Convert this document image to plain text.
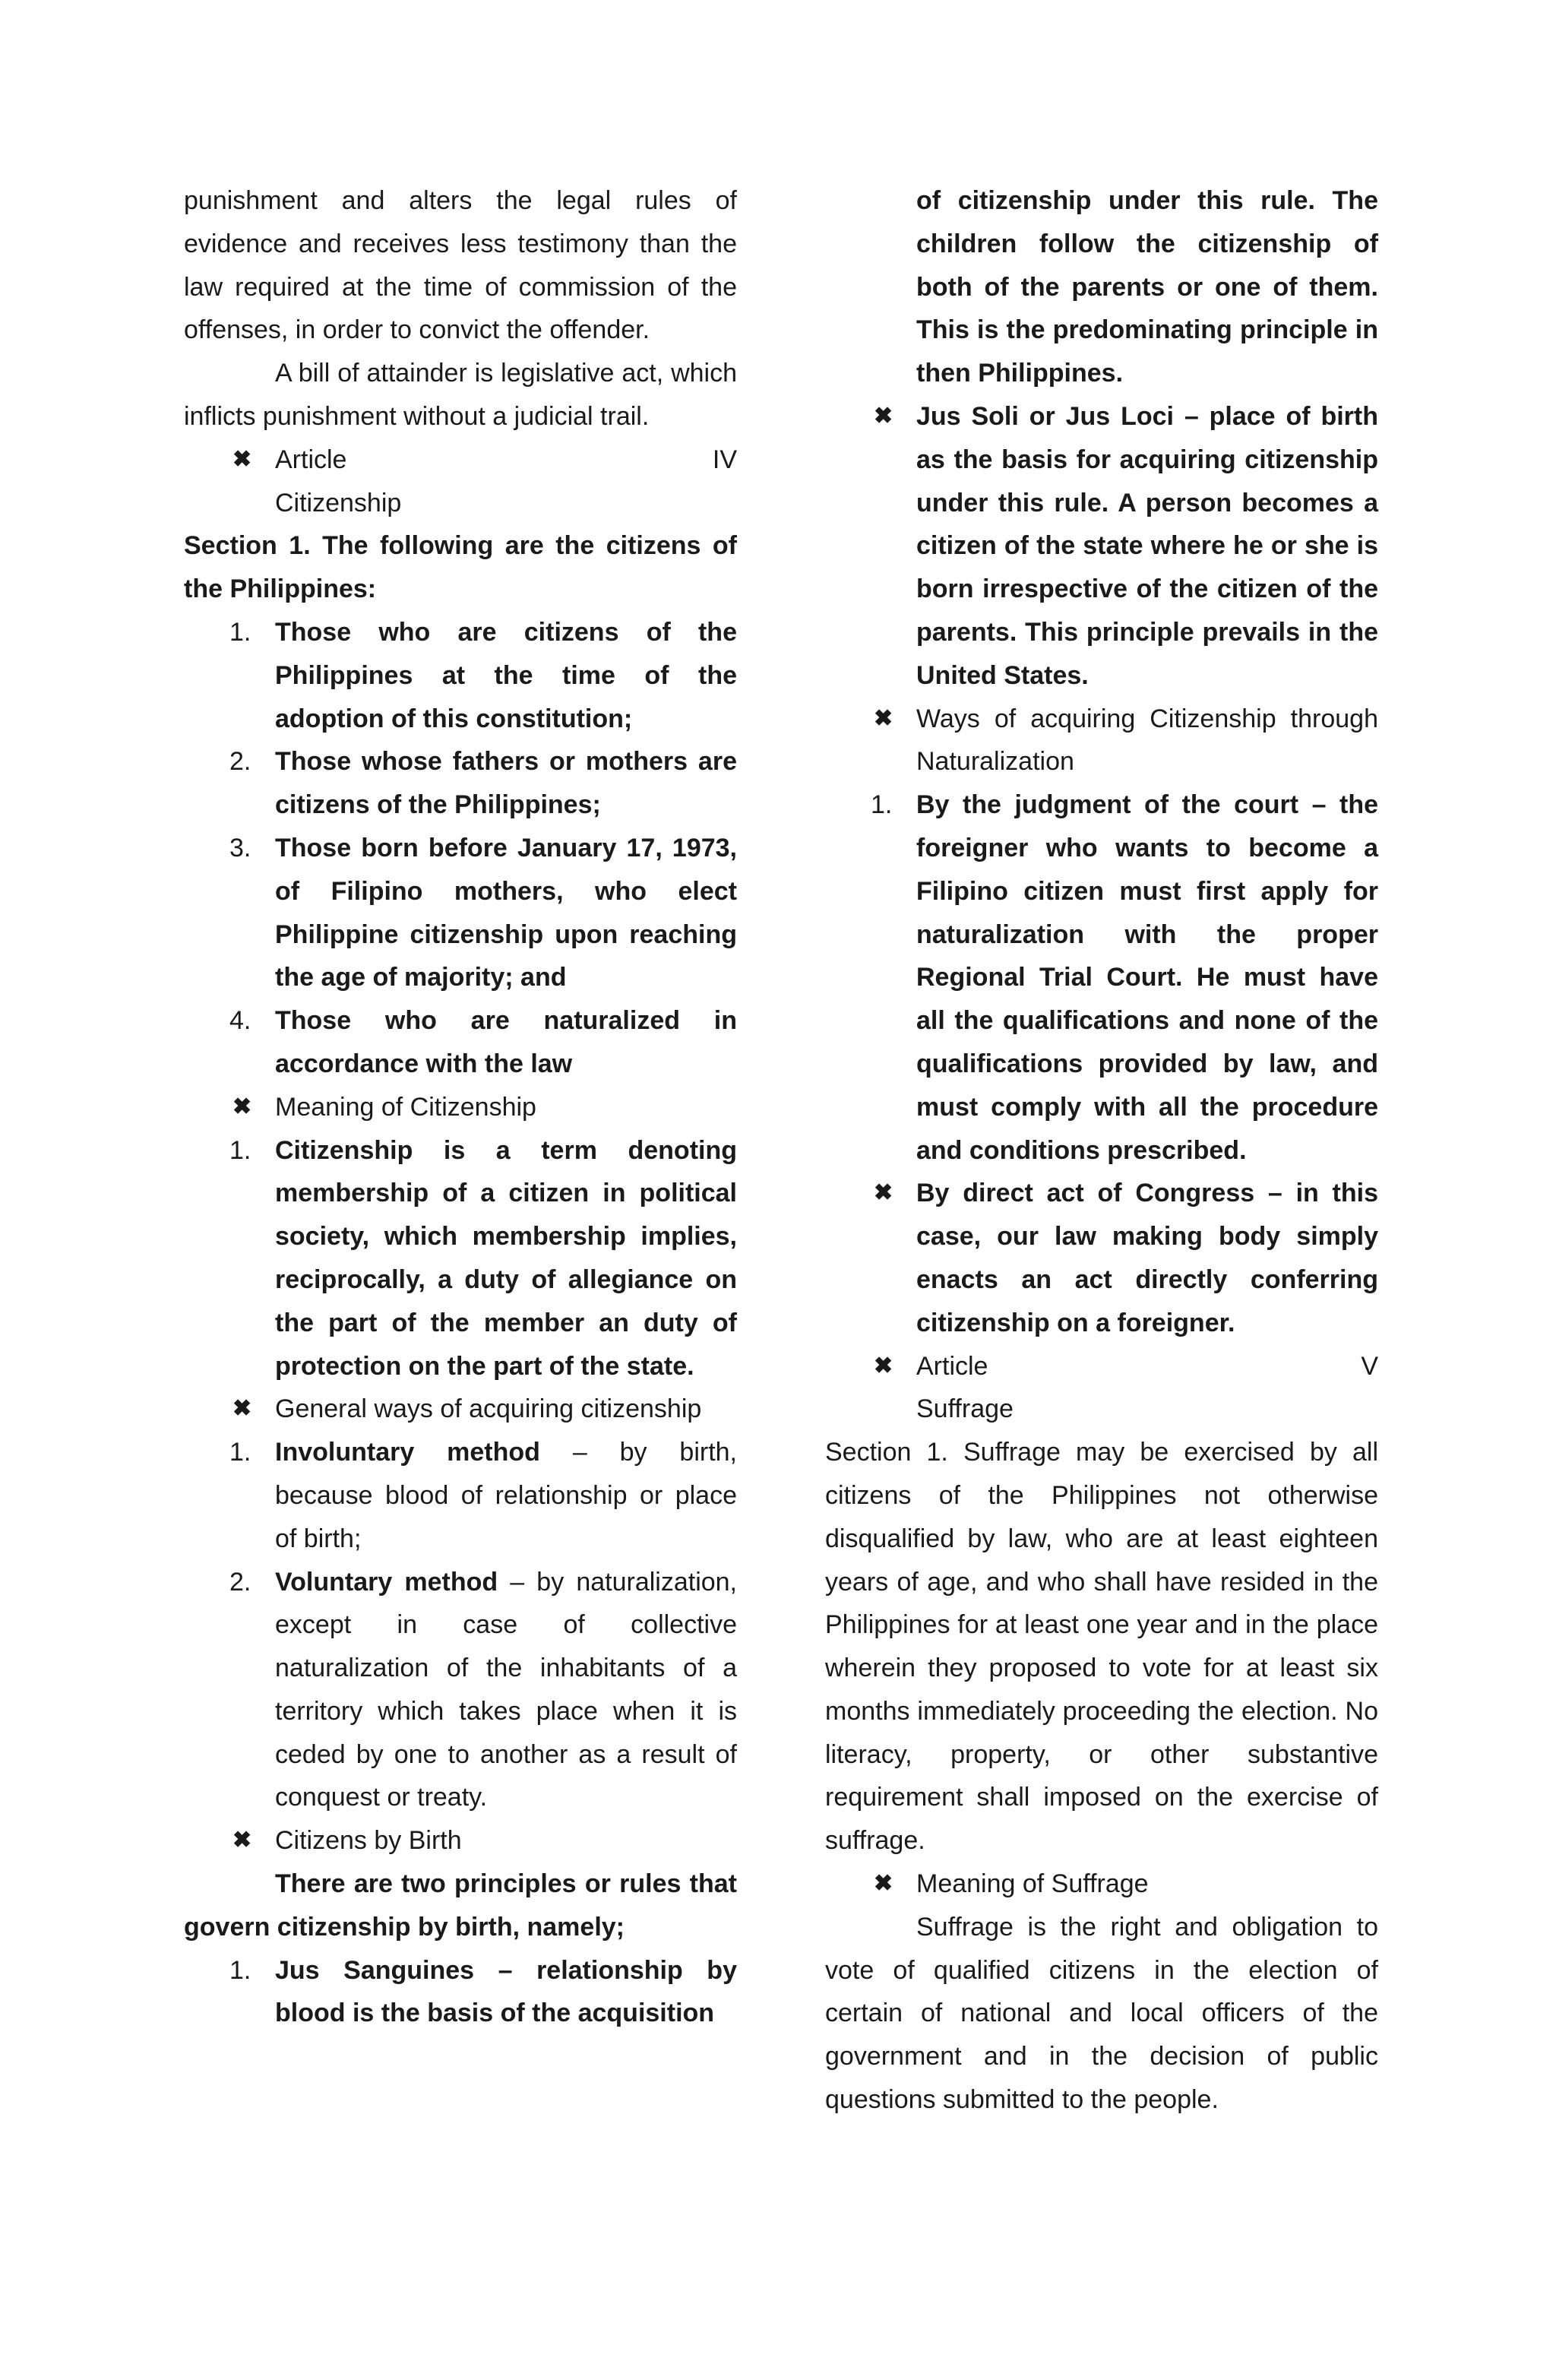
punishment and alters the legal rules of evidence and receives less testimony than the law required at the time of commission of the offenses, in order to convict the offender.

A bill of attainder is legislative act, which inflicts punishment without a judicial trail.

✖ Article	IV
Citizenship

Section 1. The following are the citizens of the Philippines:

1. Those who are citizens of the Philippines at the time of the adoption of this constitution;
2. Those whose fathers or mothers are citizens of the Philippines;
3. Those born before January 17, 1973, of Filipino mothers, who elect Philippine citizenship upon reaching the age of majority; and
4. Those who are naturalized in accordance with the law
✖ Meaning of Citizenship
1. Citizenship is a term denoting membership of a citizen in political society, which membership implies, reciprocally, a duty of allegiance on the part of the member an duty of protection on the part of the state.
✖ General ways of acquiring citizenship
1. Involuntary method – by birth, because blood of relationship or place of birth;
2. Voluntary method – by naturalization, except in case of collective naturalization of the inhabitants of a territory which takes place when it is ceded by one to another as a result of conquest or treaty.
✖ Citizens by Birth

There are two principles or rules that govern citizenship by birth, namely;

1. Jus Sanguines – relationship by blood is the basis of the acquisition
of citizenship under this rule. The children follow the citizenship of both of the parents or one of them. This is the predominating principle in then Philippines.
✖ Jus Soli or Jus Loci – place of birth as the basis for acquiring citizenship under this rule. A person becomes a citizen of the state where he or she is born irrespective of the citizen of the parents. This principle prevails in the United States.
✖ Ways of acquiring Citizenship through Naturalization
1. By the judgment of the court – the foreigner who wants to become a Filipino citizen must first apply for naturalization with the proper Regional Trial Court. He must have all the qualifications and none of the qualifications provided by law, and must comply with all the procedure and conditions prescribed.
✖ By direct act of Congress – in this case, our law making body simply enacts an act directly conferring citizenship on a foreigner.
✖ Article	V
Suffrage

Section 1. Suffrage may be exercised by all citizens of the Philippines not otherwise disqualified by law, who are at least eighteen years of age, and who shall have resided in the Philippines for at least one year and in the place wherein they proposed to vote for at least six months immediately proceeding the election. No literacy, property, or other substantive requirement shall imposed on the exercise of suffrage.

✖ Meaning of Suffrage

Suffrage is the right and obligation to vote of qualified citizens in the election of certain of national and local officers of the government and in the decision of public questions submitted to the people.
